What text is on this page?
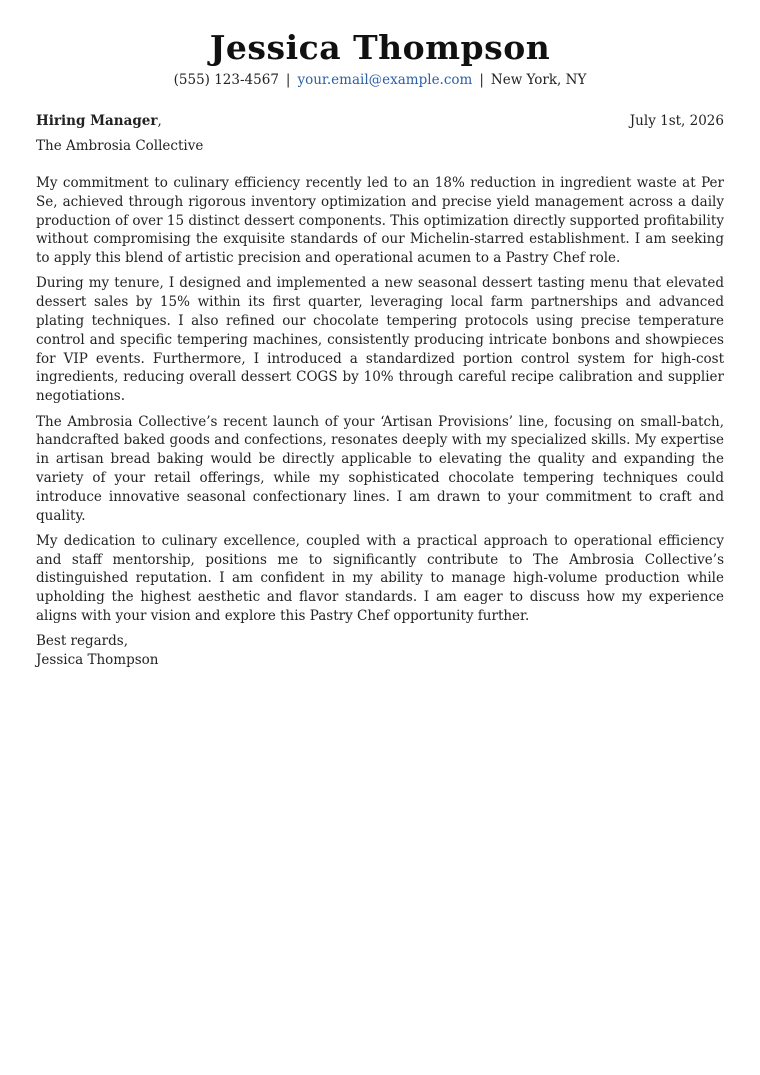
Jessica Thompson
(555) 123-4567 | your.email@example.com | New York, NY
Hiring Manager,	July 1st, 2026
The Ambrosia Collective

My commitment to culinary efficiency recently led to an 18% reduction in ingredient waste at Per Se, achieved through rigorous inventory optimization and precise yield management across a daily production of over 15 distinct dessert components. This optimization directly supported profitability without compromising the exquisite standards of our Michelin-starred establishment. I am seeking to apply this blend of artistic precision and operational acumen to a Pastry Chef role.

During my tenure, I designed and implemented a new seasonal dessert tasting menu that elevated dessert sales by 15% within its first quarter, leveraging local farm partnerships and advanced plating techniques. I also refined our chocolate tempering protocols using precise temperature control and specific tempering machines, consistently producing intricate bonbons and showpieces for VIP events. Furthermore, I introduced a standardized portion control system for high-cost ingredients, reducing overall dessert COGS by 10% through careful recipe calibration and supplier negotiations.

The Ambrosia Collective’s recent launch of your ‘Artisan Provisions’ line, focusing on small-batch, handcrafted baked goods and confections, resonates deeply with my specialized skills. My expertise in artisan bread baking would be directly applicable to elevating the quality and expanding the variety of your retail offerings, while my sophisticated chocolate tempering techniques could introduce innovative seasonal confectionary lines. I am drawn to your commitment to craft and quality.

My dedication to culinary excellence, coupled with a practical approach to operational efficiency and staff mentorship, positions me to significantly contribute to The Ambrosia Collective’s distinguished reputation. I am confident in my ability to manage high-volume production while upholding the highest aesthetic and flavor standards. I am eager to discuss how my experience aligns with your vision and explore this Pastry Chef opportunity further.

Best regards,
Jessica Thompson
